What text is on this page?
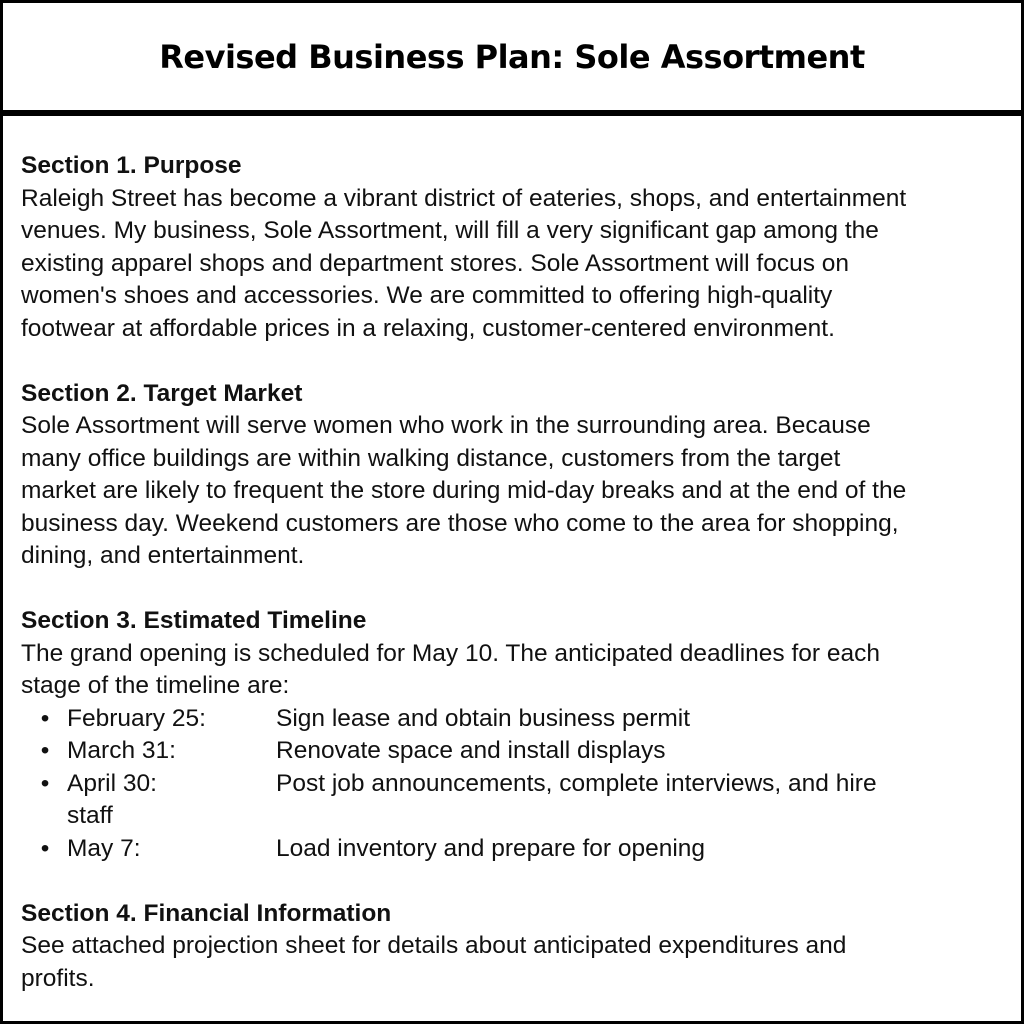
Revised Business Plan: Sole Assortment
Section 1. Purpose
Raleigh Street has become a vibrant district of eateries, shops, and entertainment
venues. My business, Sole Assortment, will fill a very significant gap among the
existing apparel shops and department stores. Sole Assortment will focus on
women's shoes and accessories. We are committed to offering high-quality
footwear at affordable prices in a relaxing, customer-centered environment.
Section 2. Target Market
Sole Assortment will serve women who work in the surrounding area. Because
many office buildings are within walking distance, customers from the target
market are likely to frequent the store during mid-day breaks and at the end of the
business day. Weekend customers are those who come to the area for shopping,
dining, and entertainment.
Section 3. Estimated Timeline
The grand opening is scheduled for May 10. The anticipated deadlines for each
stage of the timeline are:
• February 25:	Sign lease and obtain business permit
• March 31:	Renovate space and install displays
• April 30:	Post job announcements, complete interviews, and hire
staff
• May 7:	Load inventory and prepare for opening
Section 4. Financial Information
See attached projection sheet for details about anticipated expenditures and
profits.
